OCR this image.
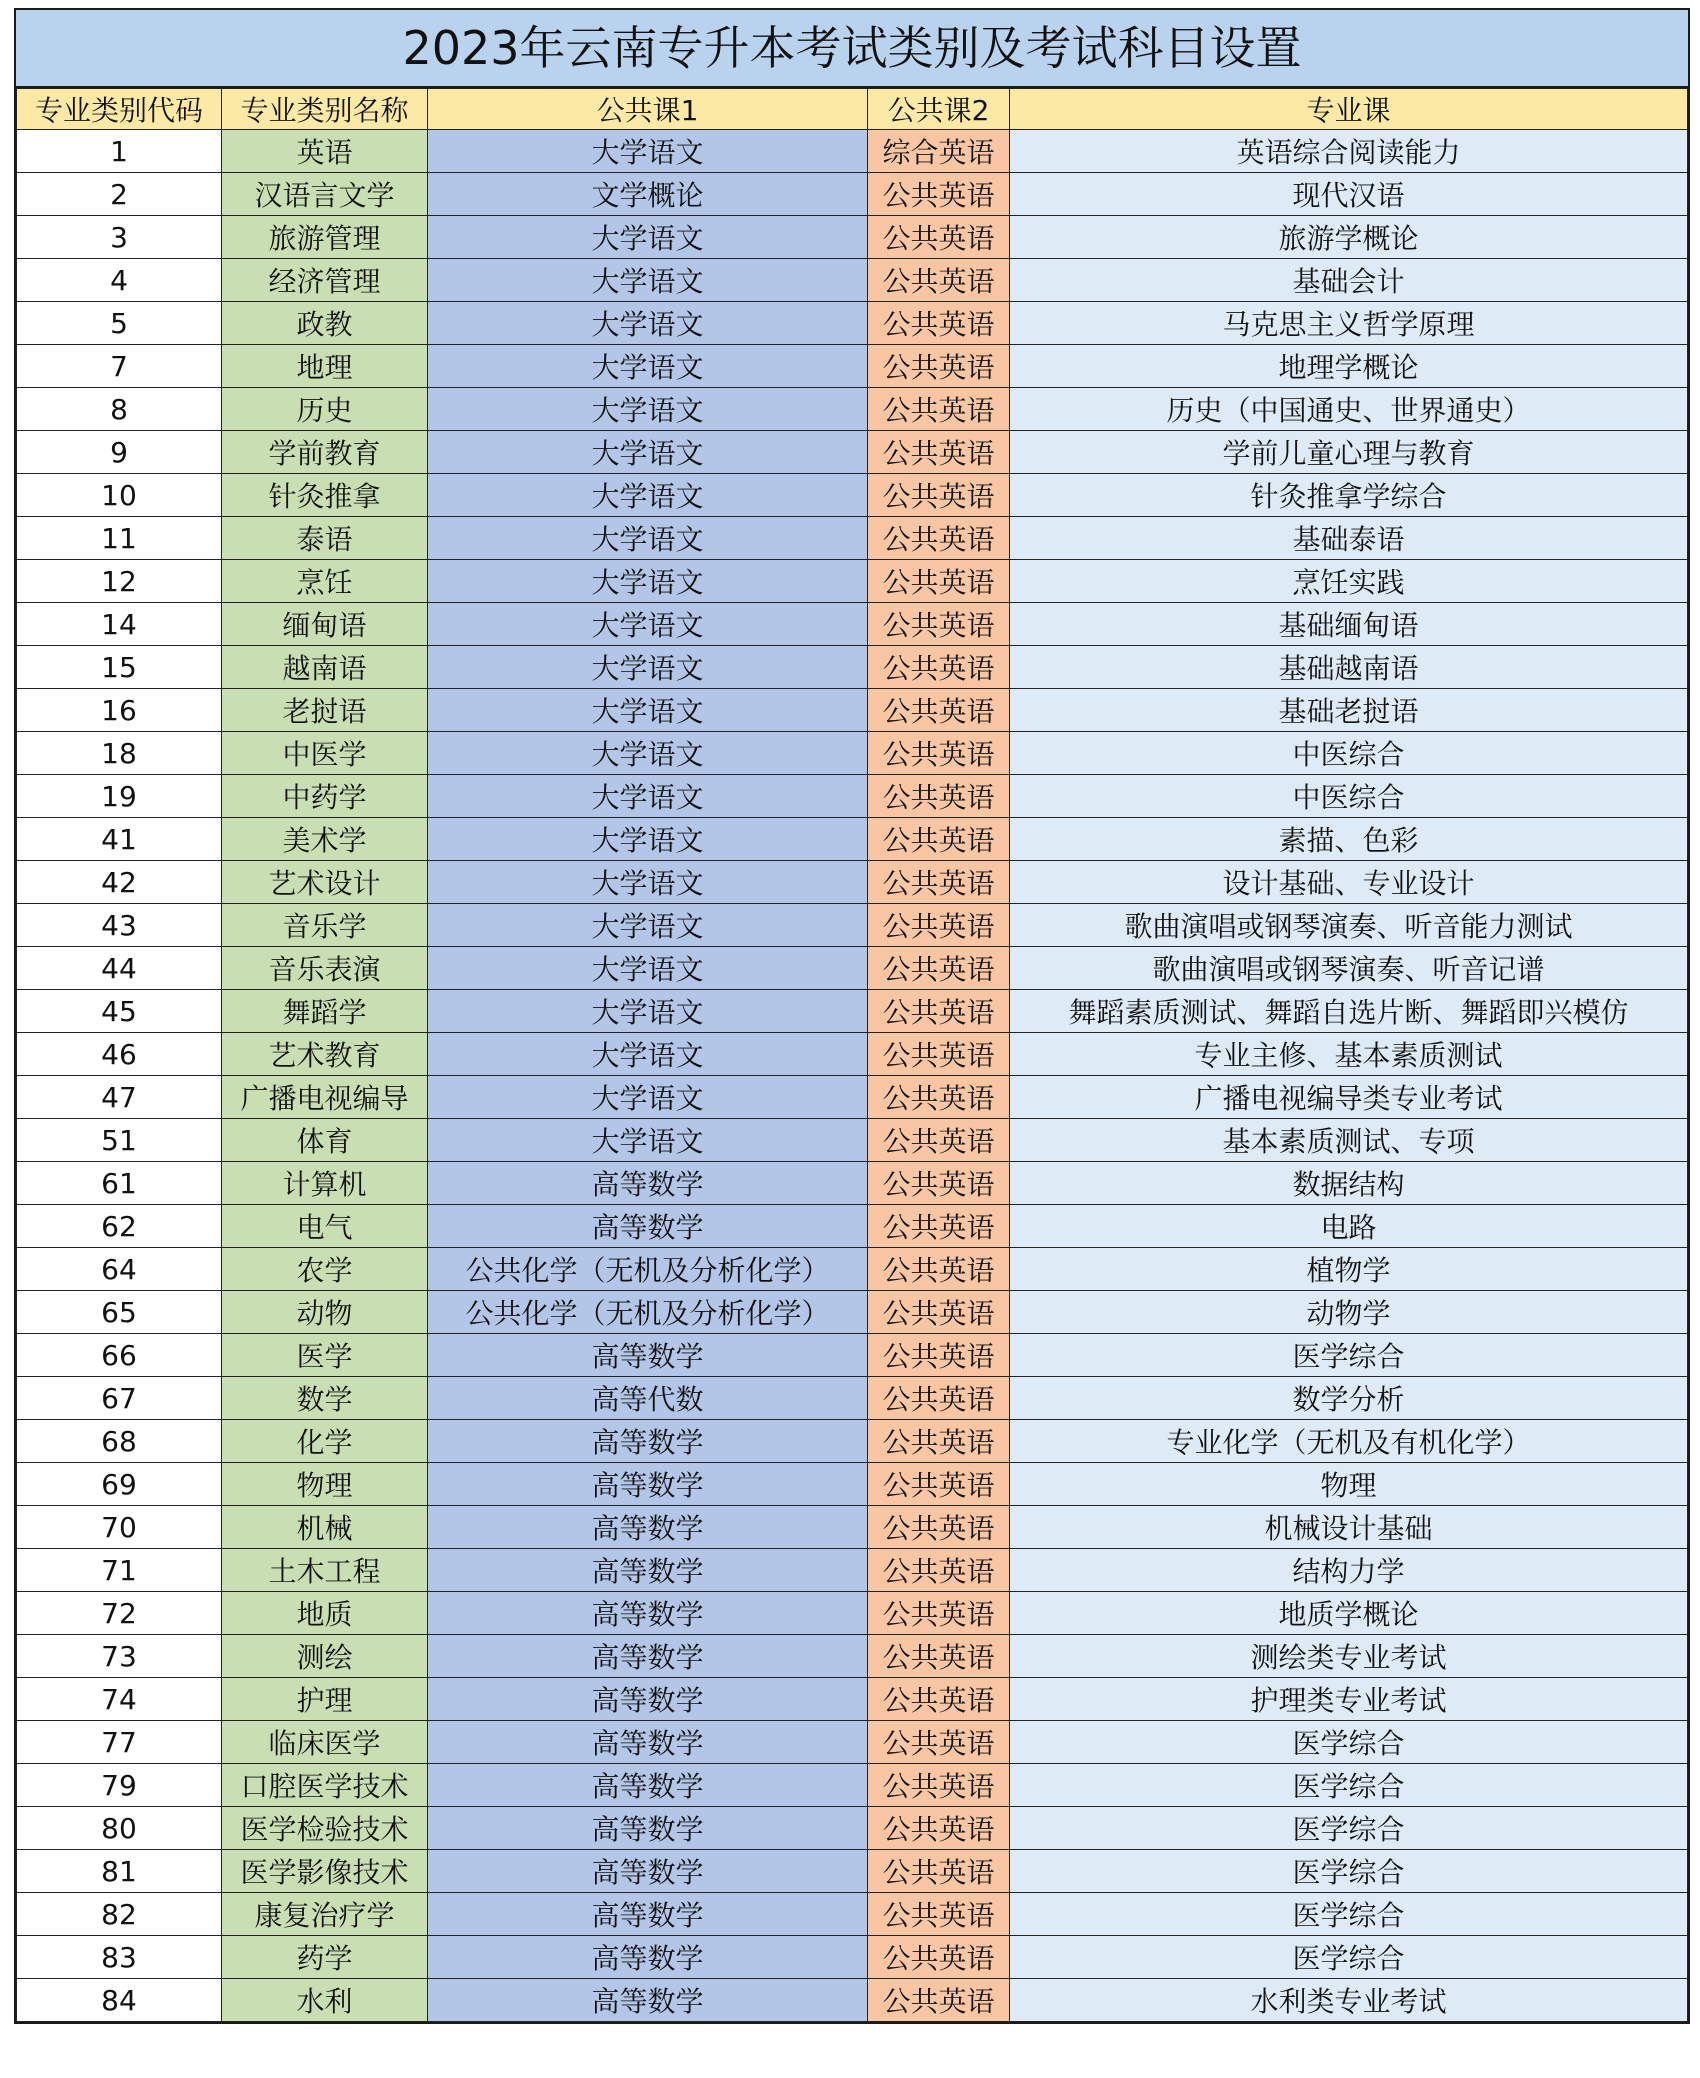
2023年云南专升本考试类别及考试科目设置
专业类别代码	专业类别名称	公共课1	公共课2	专业课
1	英语	大学语文	综合英语	英语综合阅读能力
2	汉语言文学	文学概论	公共英语	现代汉语
3	旅游管理	大学语文	公共英语	旅游学概论
4	经济管理	大学语文	公共英语	基础会计
5	政教	大学语文	公共英语	马克思主义哲学原理
7	地理	大学语文	公共英语	地理学概论
8	历史	大学语文	公共英语	历史（中国通史、世界通史）
9	学前教育	大学语文	公共英语	学前儿童心理与教育
10	针灸推拿	大学语文	公共英语	针灸推拿学综合
11	泰语	大学语文	公共英语	基础泰语
12	烹饪	大学语文	公共英语	烹饪实践
14	缅甸语	大学语文	公共英语	基础缅甸语
15	越南语	大学语文	公共英语	基础越南语
16	老挝语	大学语文	公共英语	基础老挝语
18	中医学	大学语文	公共英语	中医综合
19	中药学	大学语文	公共英语	中医综合
41	美术学	大学语文	公共英语	素描、色彩
42	艺术设计	大学语文	公共英语	设计基础、专业设计
43	音乐学	大学语文	公共英语	歌曲演唱或钢琴演奏、听音能力测试
44	音乐表演	大学语文	公共英语	歌曲演唱或钢琴演奏、听音记谱
45	舞蹈学	大学语文	公共英语	舞蹈素质测试、舞蹈自选片断、舞蹈即兴模仿
46	艺术教育	大学语文	公共英语	专业主修、基本素质测试
47	广播电视编导	大学语文	公共英语	广播电视编导类专业考试
51	体育	大学语文	公共英语	基本素质测试、专项
61	计算机	高等数学	公共英语	数据结构
62	电气	高等数学	公共英语	电路
64	农学	公共化学（无机及分析化学）	公共英语	植物学
65	动物	公共化学（无机及分析化学）	公共英语	动物学
66	医学	高等数学	公共英语	医学综合
67	数学	高等代数	公共英语	数学分析
68	化学	高等数学	公共英语	专业化学（无机及有机化学）
69	物理	高等数学	公共英语	物理
70	机械	高等数学	公共英语	机械设计基础
71	土木工程	高等数学	公共英语	结构力学
72	地质	高等数学	公共英语	地质学概论
73	测绘	高等数学	公共英语	测绘类专业考试
74	护理	高等数学	公共英语	护理类专业考试
77	临床医学	高等数学	公共英语	医学综合
79	口腔医学技术	高等数学	公共英语	医学综合
80	医学检验技术	高等数学	公共英语	医学综合
81	医学影像技术	高等数学	公共英语	医学综合
82	康复治疗学	高等数学	公共英语	医学综合
83	药学	高等数学	公共英语	医学综合
84	水利	高等数学	公共英语	水利类专业考试
